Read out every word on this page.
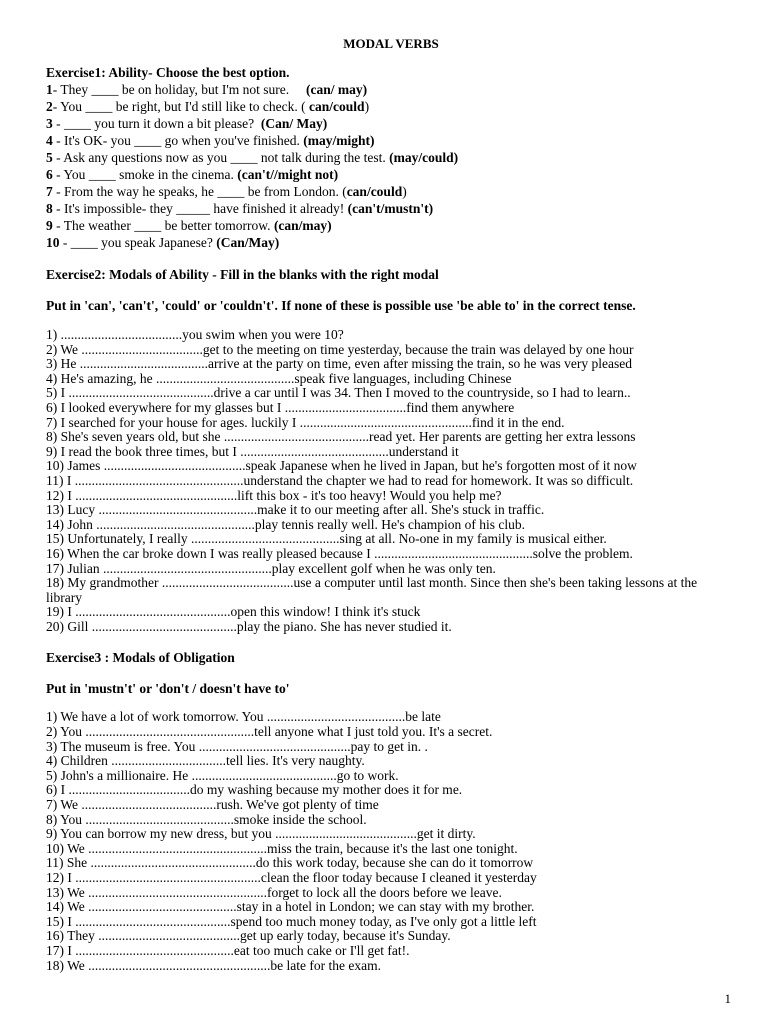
MODAL VERBS
Exercise1: Ability- Choose the best option.
1- They ____ be on holiday, but I'm not sure.     (can/ may)
2- You ____ be right, but I'd still like to check. ( can/could)
3 - ____ you turn it down a bit please?  (Can/ May)
4 - It's OK- you ____ go when you've finished. (may/might)
5 - Ask any questions now as you ____ not talk during the test. (may/could)
6 - You ____ smoke in the cinema. (can't//might not)
7 - From the way he speaks, he ____ be from London. (can/could)
8 - It's impossible- they _____ have finished it already! (can't/mustn't)
9 - The weather ____ be better tomorrow. (can/may)
10 - ____ you speak Japanese? (Can/May)
Exercise2: Modals of Ability - Fill in the blanks with the right modal
Put in 'can', 'can't', 'could' or 'couldn't'. If none of these is possible use 'be able to' in the correct tense.
1) ....................................you swim when you were 10?
2) We ....................................get to the meeting on time yesterday, because the train was delayed by one hour
3) He ......................................arrive at the party on time, even after missing the train, so he was very pleased
4) He's amazing, he .........................................speak five languages, including Chinese
5) I ...........................................drive a car until I was 34. Then I moved to the countryside, so I had to learn..
6) I looked everywhere for my glasses but I ....................................find them anywhere
7) I searched for your house for ages. luckily I ...................................................find it in the end.
8) She's seven years old, but she ...........................................read yet. Her parents are getting her extra lessons
9) I read the book three times, but I ............................................understand it
10) James ..........................................speak Japanese when he lived in Japan, but he's forgotten most of it now
11) I ..................................................understand the chapter we had to read for homework. It was so difficult.
12) I ................................................lift this box - it's too heavy! Would you help me?
13) Lucy ...............................................make it to our meeting after all. She's stuck in traffic.
14) John ...............................................play tennis really well. He's champion of his club.
15) Unfortunately, I really ............................................sing at all. No-one in my family is musical either.
16) When the car broke down I was really pleased because I ...............................................solve the problem.
17) Julian ..................................................play excellent golf when he was only ten.
18) My grandmother .......................................use a computer until last month. Since then she's been taking lessons at the library
19) I ..............................................open this window! I think it's stuck
20) Gill ...........................................play the piano. She has never studied it.
Exercise3 : Modals of Obligation
Put in 'mustn't' or 'don't / doesn't have to'
1) We have a lot of work tomorrow. You .........................................be late
2) You ..................................................tell anyone what I just told you. It's a secret.
3) The museum is free. You .............................................pay to get in. .
4) Children ..................................tell lies. It's very naughty.
5) John's a millionaire. He ...........................................go to work.
6) I ....................................do my washing because my mother does it for me.
7) We ........................................rush. We've got plenty of time
8) You ............................................smoke inside the school.
9) You can borrow my new dress, but you ..........................................get it dirty.
10) We .....................................................miss the train, because it's the last one tonight.
11) She .................................................do this work today, because she can do it tomorrow
12) I .......................................................clean the floor today because I cleaned it yesterday
13) We .....................................................forget to lock all the doors before we leave.
14) We ............................................stay in a hotel in London; we can stay with my brother.
15) I ..............................................spend too much money today, as I've only got a little left
16) They ..........................................get up early today, because it's Sunday.
17) I ...............................................eat too much cake or I'll get fat!.
18) We ......................................................be late for the exam.
1
